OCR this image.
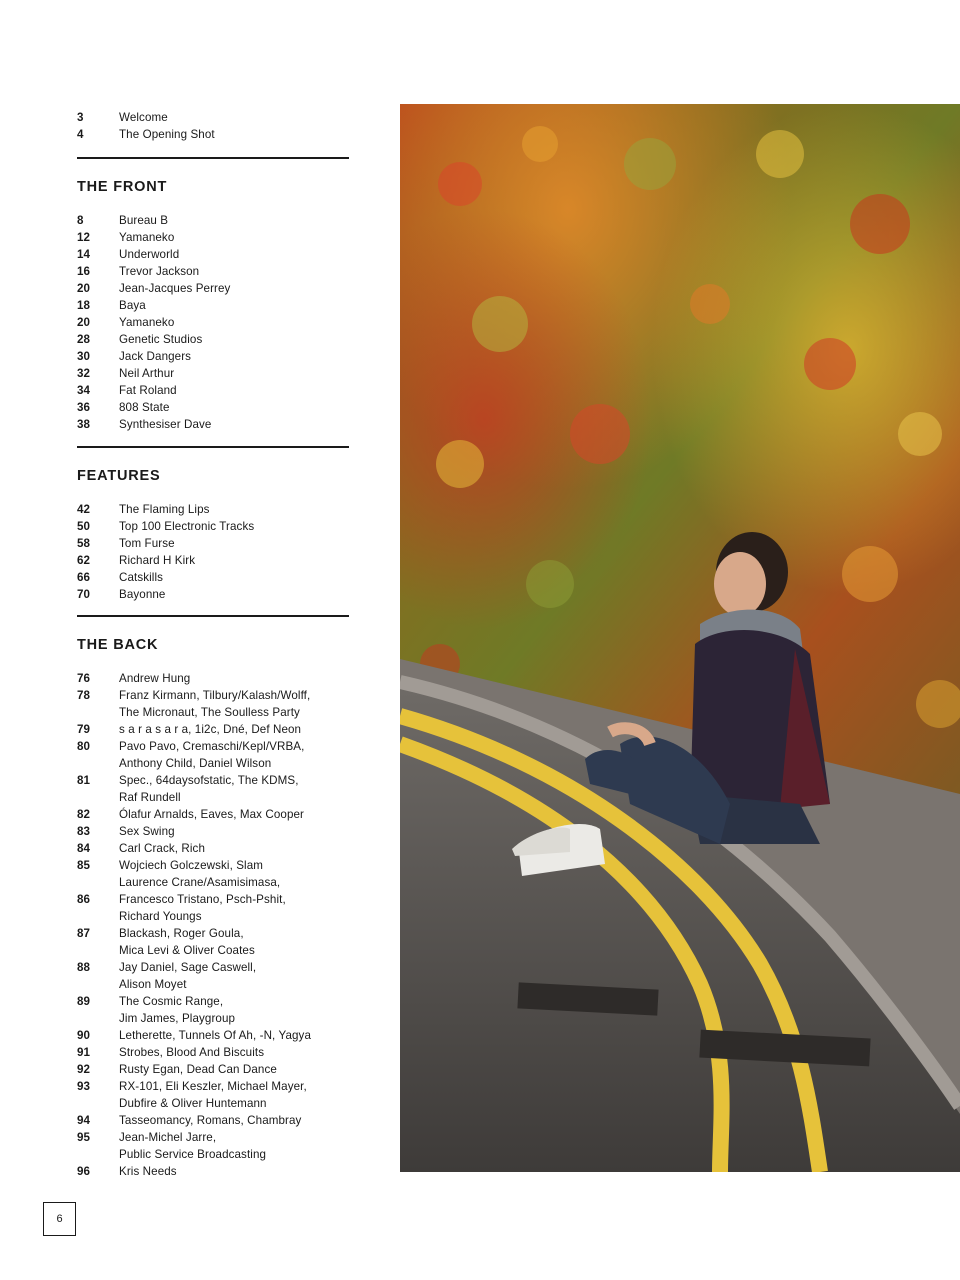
3	Welcome
4	The Opening Shot
THE FRONT
8	Bureau B
12	Yamaneko
14	Underworld
16	Trevor Jackson
20	Jean-Jacques Perrey
18	Baya
20	Yamaneko
28	Genetic Studios
30	Jack Dangers
32	Neil Arthur
34	Fat Roland
36	808 State
38	Synthesiser Dave
FEATURES
42	The Flaming Lips
50	Top 100 Electronic Tracks
58	Tom Furse
62	Richard H Kirk
66	Catskills
70	Bayonne
THE BACK
76	Andrew Hung
78	Franz Kirmann, Tilbury/Kalash/Wolff,
The Micronaut, The Soulless Party
79	s a r a s a r a, 1i2c, Dné, Def Neon
80	Pavo Pavo, Cremaschi/Kepl/VRBA,
Anthony Child, Daniel Wilson
81	Spec., 64daysofstatic, The KDMS,
Raf Rundell
82	Ólafur Arnalds, Eaves, Max Cooper
83	Sex Swing
84	Carl Crack, Rich
85	Wojciech Golczewski, Slam
Laurence Crane/Asamisimasa,
86	Francesco Tristano, Psch-Pshit,
Richard Youngs
87	Blackash, Roger Goula,
Mica Levi & Oliver Coates
88	Jay Daniel, Sage Caswell,
Alison Moyet
89	The Cosmic Range,
Jim James, Playgroup
90	Letherette, Tunnels Of Ah, -N, Yagya
91	Strobes, Blood And Biscuits
92	Rusty Egan, Dead Can Dance
93	RX-101, Eli Keszler, Michael Mayer,
Dubfire & Oliver Huntemann
94	Tasseomancy, Romans, Chambray
95	Jean-Michel Jarre,
Public Service Broadcasting
96	Kris Needs
6
